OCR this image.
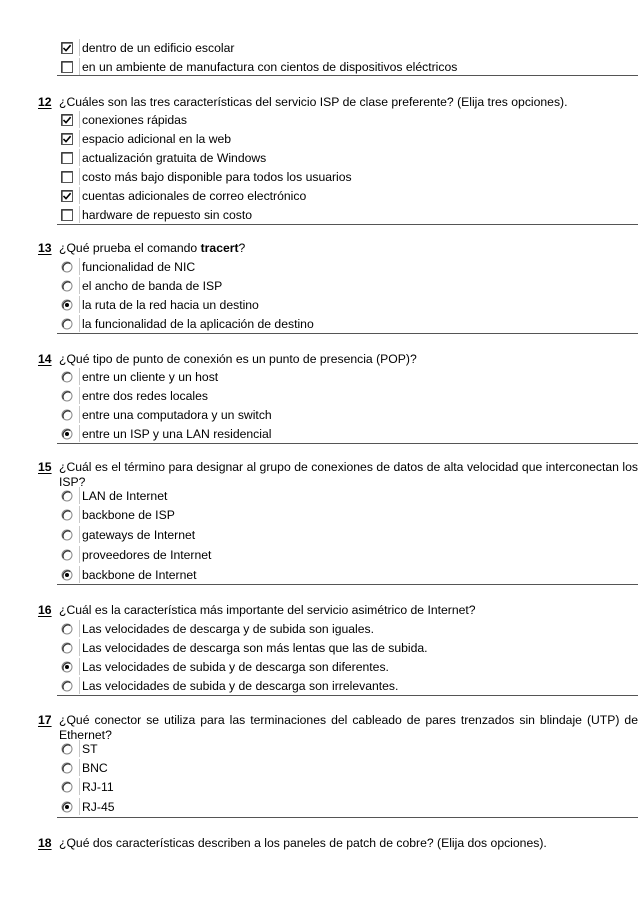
dentro de un edificio escolar
en un ambiente de manufactura con cientos de dispositivos eléctricos
12 ¿Cuáles son las tres características del servicio ISP de clase preferente? (Elija tres opciones).
conexiones rápidas
espacio adicional en la web
actualización gratuita de Windows
costo más bajo disponible para todos los usuarios
cuentas adicionales de correo electrónico
hardware de repuesto sin costo
13 ¿Qué prueba el comando tracert?
funcionalidad de NIC
el ancho de banda de ISP
la ruta de la red hacia un destino
la funcionalidad de la aplicación de destino
14 ¿Qué tipo de punto de conexión es un punto de presencia (POP)?
entre un cliente y un host
entre dos redes locales
entre una computadora y un switch
entre un ISP y una LAN residencial
15 ¿Cuál es el término para designar al grupo de conexiones de datos de alta velocidad que interconectan los ISP?
LAN de Internet
backbone de ISP
gateways de Internet
proveedores de Internet
backbone de Internet
16 ¿Cuál es la característica más importante del servicio asimétrico de Internet?
Las velocidades de descarga y de subida son iguales.
Las velocidades de descarga son más lentas que las de subida.
Las velocidades de subida y de descarga son diferentes.
Las velocidades de subida y de descarga son irrelevantes.
17 ¿Qué conector se utiliza para las terminaciones del cableado de pares trenzados sin blindaje (UTP) de Ethernet?
ST
BNC
RJ-11
RJ-45
18 ¿Qué dos características describen a los paneles de patch de cobre? (Elija dos opciones).
